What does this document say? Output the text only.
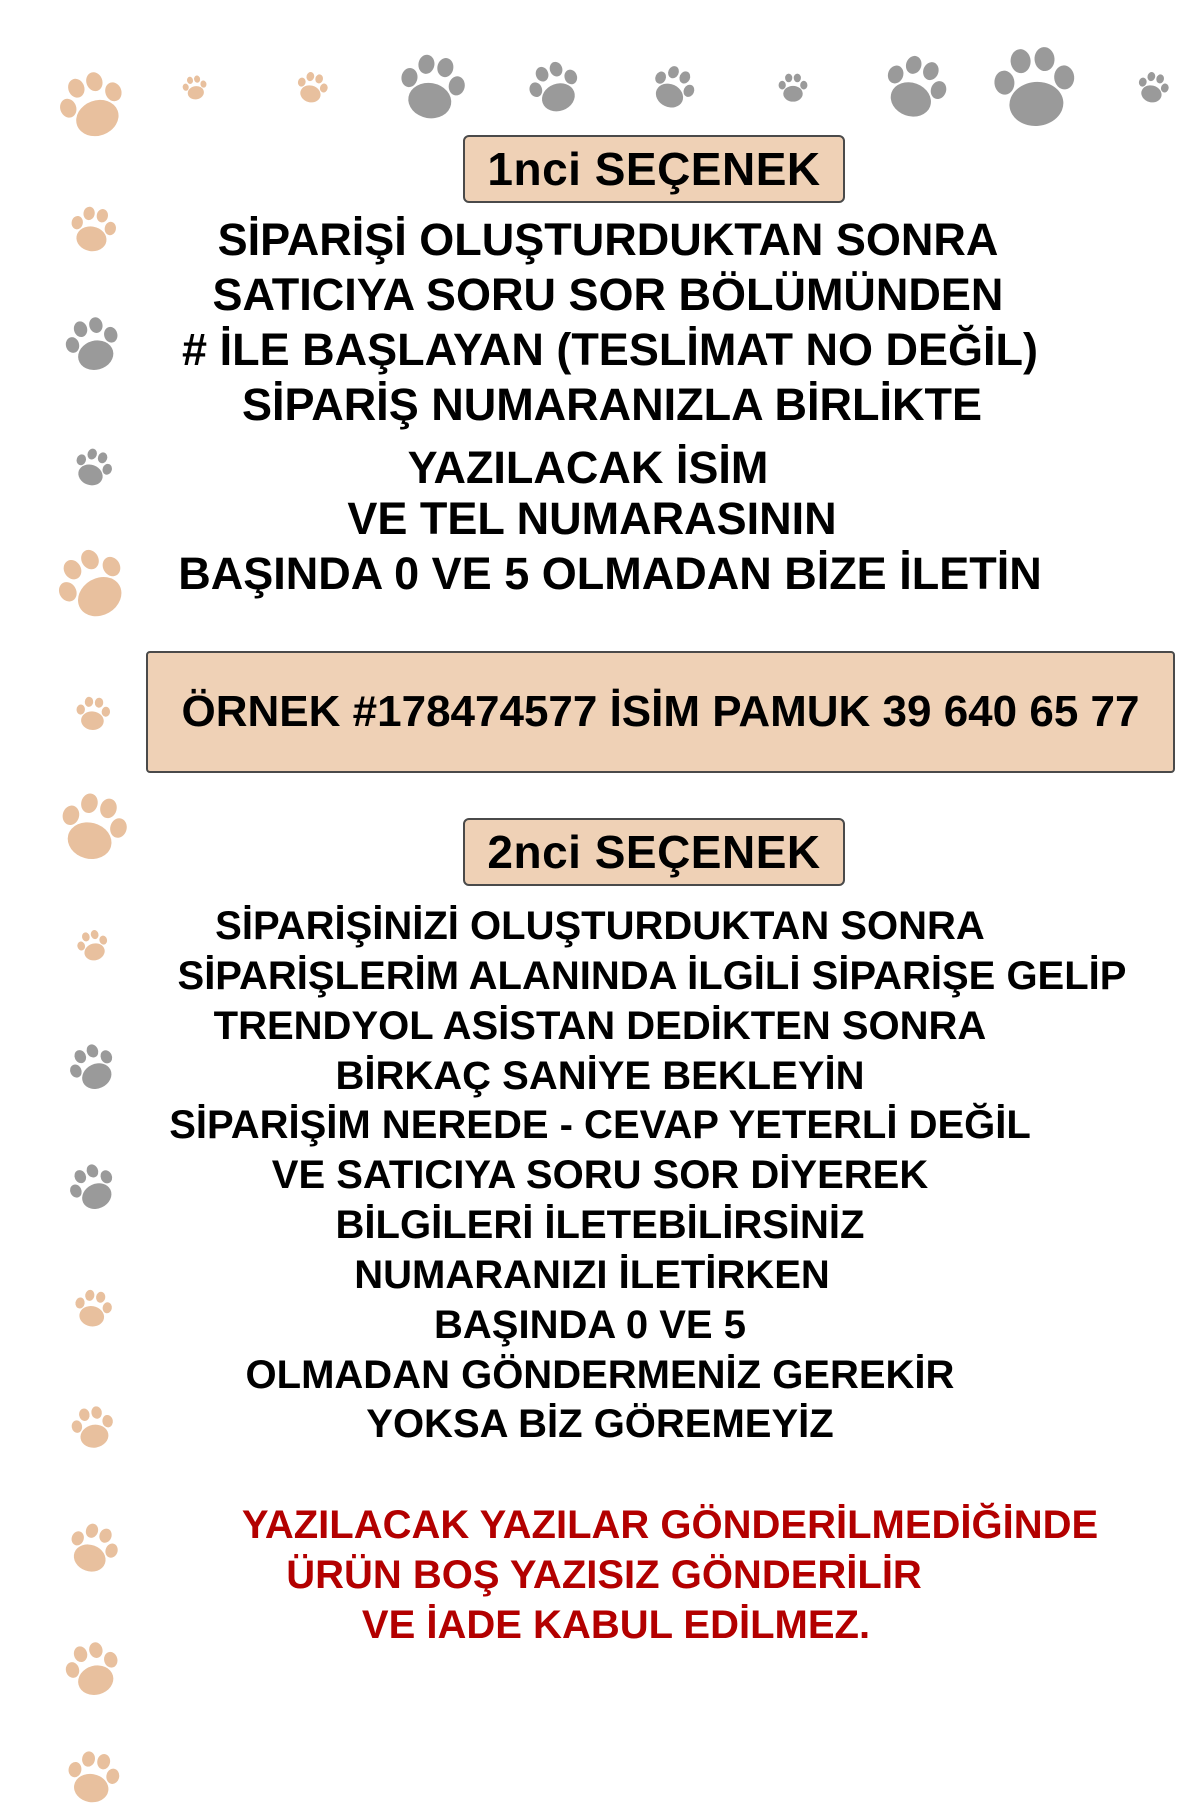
1nci SEÇENEK
SİPARİŞİ OLUŞTURDUKTAN SONRA
SATICIYA SORU SOR BÖLÜMÜNDEN
# İLE BAŞLAYAN (TESLİMAT NO DEĞİL)
SİPARİŞ NUMARANIZLA BİRLİKTE
YAZILACAK İSİM
VE TEL NUMARASININ
BAŞINDA 0 VE 5 OLMADAN BİZE İLETİN
ÖRNEK #178474577 İSİM PAMUK 39 640 65 77
2nci SEÇENEK
SİPARİŞİNİZİ OLUŞTURDUKTAN SONRA
SİPARİŞLERİM ALANINDA İLGİLİ SİPARİŞE GELİP
TRENDYOL ASİSTAN DEDİKTEN SONRA
BİRKAÇ SANİYE BEKLEYİN
SİPARİŞİM NEREDE - CEVAP YETERLİ DEĞİL
VE SATICIYA SORU SOR DİYEREK
BİLGİLERİ İLETEBİLİRSİNİZ
NUMARANIZI İLETİRKEN
BAŞINDA 0 VE 5
OLMADAN GÖNDERMENİZ GEREKİR
YOKSA BİZ GÖREMEYİZ
YAZILACAK YAZILAR GÖNDERİLMEDİĞİNDE
ÜRÜN BOŞ YAZISIZ GÖNDERİLİR
VE İADE KABUL EDİLMEZ.
